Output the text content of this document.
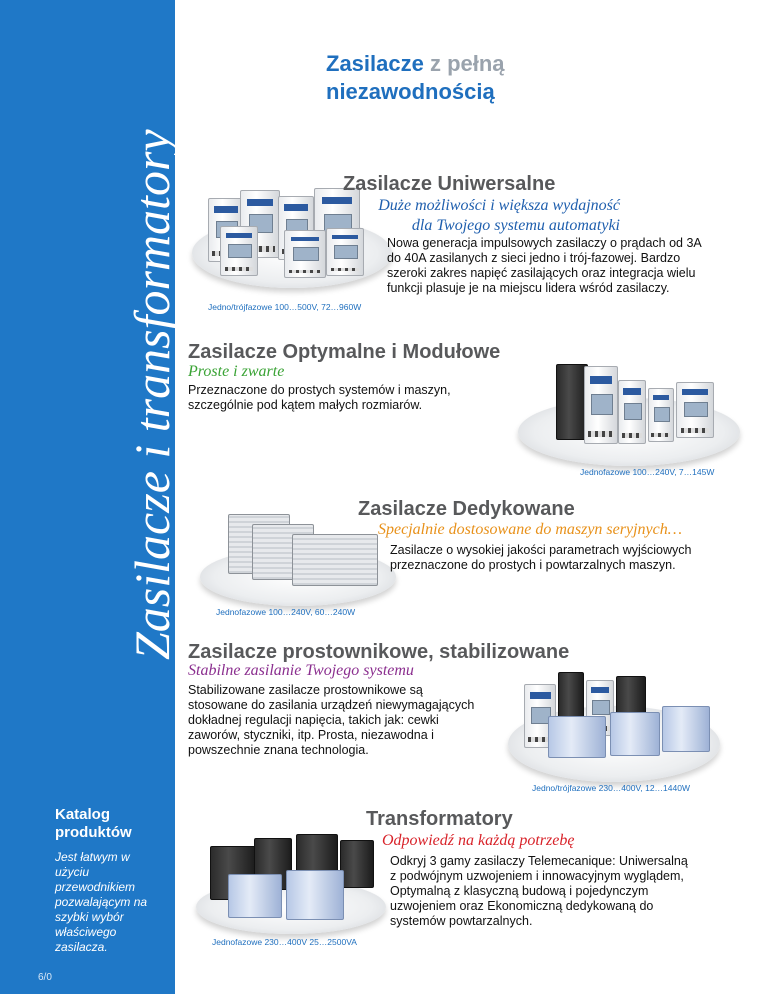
Zasilacze i transformatory
Katalog produktów
Jest łatwym w użyciu przewodnikiem pozwalającym na szybki wybór właściwego zasilacza.
6/0
Zasilacze z pełną
niezawodnością
Zasilacze Uniwersalne
Duże możliwości i większa wydajność dla Twojego systemu automatyki
Nowa generacja impulsowych zasilaczy o prądach od 3A do 40A zasilanych z sieci jedno i trój-fazowej. Bardzo szeroki zakres napięć zasilających oraz integracja wielu funkcji plasuje je na miejscu lidera wśród zasilaczy.
Jedno/trójfazowe 100…500V, 72…960W
Zasilacze Optymalne i Modułowe
Proste i zwarte
Przeznaczone do prostych systemów i maszyn, szczególnie pod kątem małych rozmiarów.
Jednofazowe 100…240V, 7…145W
Zasilacze Dedykowane
Specjalnie dostosowane do maszyn seryjnych…
Zasilacze o wysokiej jakości parametrach wyjściowych przeznaczone do prostych i powtarzalnych maszyn.
Jednofazowe 100…240V, 60…240W
Zasilacze prostownikowe, stabilizowane
Stabilne zasilanie Twojego systemu
Stabilizowane zasilacze prostownikowe są stosowane do zasilania urządzeń niewymagających dokładnej regulacji napięcia, takich jak: cewki zaworów, styczniki, itp. Prosta, niezawodna i powszechnie znana technologia.
Jedno/trójfazowe 230…400V, 12…1440W
Transformatory
Odpowiedź na każdą potrzebę
Odkryj 3 gamy zasilaczy Telemecanique: Uniwersalną z podwójnym uzwojeniem i innowacyjnym wyglądem, Optymalną z klasyczną budową i pojedynczym uzwojeniem oraz Ekonomiczną dedykowaną do systemów powtarzalnych.
Jednofazowe 230…400V 25…2500VA
